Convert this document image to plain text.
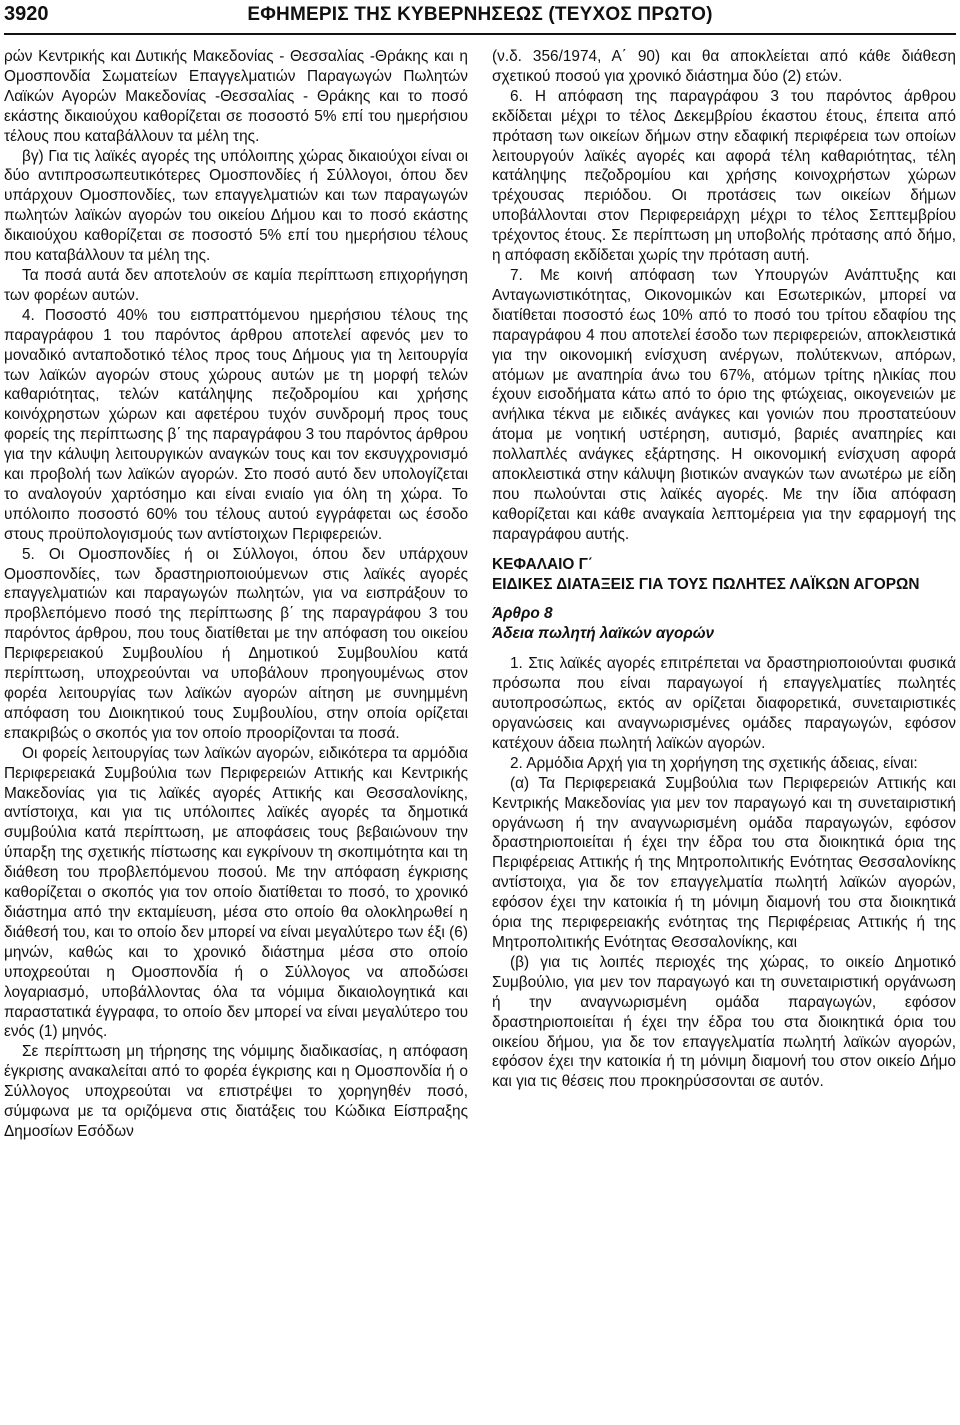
3920	ΕΦΗΜΕΡΙΣ ΤΗΣ ΚΥΒΕΡΝΗΣΕΩΣ (ΤΕΥΧΟΣ ΠΡΩΤΟ)

ρών Κεντρικής και Δυτικής Μακεδονίας - Θεσσαλίας -Θράκης και η Ομοσπονδία Σωματείων Επαγγελματιών Παραγωγών Πωλητών Λαϊκών Αγορών Μακεδονίας -Θεσσαλίας - Θράκης και το ποσό εκάστης δικαιούχου καθορίζεται σε ποσοστό 5% επί του ημερήσιου τέλους που καταβάλλουν τα μέλη της.

βγ) Για τις λαϊκές αγορές της υπόλοιπης χώρας δικαιούχοι είναι οι δύο αντιπροσωπευτικότερες Ομοσπονδίες ή Σύλλογοι, όπου δεν υπάρχουν Ομοσπονδίες, των επαγγελματιών και των παραγωγών πωλητών λαϊκών αγορών του οικείου Δήμου και το ποσό εκάστης δικαιούχου καθορίζεται σε ποσοστό 5% επί του ημερήσιου τέλους που καταβάλλουν τα μέλη της.

Τα ποσά αυτά δεν αποτελούν σε καμία περίπτωση επιχορήγηση των φορέων αυτών.

4. Ποσοστό 40% του εισπραττόμενου ημερήσιου τέλους της παραγράφου 1 του παρόντος άρθρου αποτελεί αφενός μεν το μοναδικό ανταποδοτικό τέλος προς τους Δήμους για τη λειτουργία των λαϊκών αγορών στους χώρους αυτών με τη μορφή τελών καθαριότητας, τελών κατάληψης πεζοδρομίου και χρήσης κοινόχρηστων χώρων και αφετέρου τυχόν συνδρομή προς τους φορείς της περίπτωσης β΄ της παραγράφου 3 του παρόντος άρθρου για την κάλυψη λειτουργικών αναγκών τους και τον εκσυγχρονισμό και προβολή των λαϊκών αγορών. Στο ποσό αυτό δεν υπολογίζεται το αναλογούν χαρτόσημο και είναι ενιαίο για όλη τη χώρα. Το υπόλοιπο ποσοστό 60% του τέλους αυτού εγγράφεται ως έσοδο στους προϋπολογισμούς των αντίστοιχων Περιφερειών.

5. Οι Ομοσπονδίες ή οι Σύλλογοι, όπου δεν υπάρχουν Ομοσπονδίες, των δραστηριοποιούμενων στις λαϊκές αγορές επαγγελματιών και παραγωγών πωλητών, για να εισπράξουν το προβλεπόμενο ποσό της περίπτωσης β΄ της παραγράφου 3 του παρόντος άρθρου, που τους διατίθεται με την απόφαση του οικείου Περιφερειακού Συμβουλίου ή Δημοτικού Συμβουλίου κατά περίπτωση, υποχρεούνται να υποβάλουν προηγουμένως στον φορέα λειτουργίας των λαϊκών αγορών αίτηση με συνημμένη απόφαση του Διοικητικού τους Συμβουλίου, στην οποία ορίζεται επακριβώς ο σκοπός για τον οποίο προορίζονται τα ποσά.

Οι φορείς λειτουργίας των λαϊκών αγορών, ειδικότερα τα αρμόδια Περιφερειακά Συμβούλια των Περιφερειών Αττικής και Κεντρικής Μακεδονίας για τις λαϊκές αγορές Αττικής και Θεσσαλονίκης, αντίστοιχα, και για τις υπόλοιπες λαϊκές αγορές τα δημοτικά συμβούλια κατά περίπτωση, με αποφάσεις τους βεβαιώνουν την ύπαρξη της σχετικής πίστωσης και εγκρίνουν τη σκοπιμότητα και τη διάθεση του προβλεπόμενου ποσού. Με την απόφαση έγκρισης καθορίζεται ο σκοπός για τον οποίο διατίθεται το ποσό, το χρονικό διάστημα από την εκταμίευση, μέσα στο οποίο θα ολοκληρωθεί η διάθεσή του, και το οποίο δεν μπορεί να είναι μεγαλύτερο των έξι (6) μηνών, καθώς και το χρονικό διάστημα μέσα στο οποίο υποχρεούται η Ομοσπονδία ή ο Σύλλογος να αποδώσει λογαριασμό, υποβάλλοντας όλα τα νόμιμα δικαιολογητικά και παραστατικά έγγραφα, το οποίο δεν μπορεί να είναι μεγαλύτερο του ενός (1) μηνός.

Σε περίπτωση μη τήρησης της νόμιμης διαδικασίας, η απόφαση έγκρισης ανακαλείται από το φορέα έγκρισης και η Ομοσπονδία ή ο Σύλλογος υποχρεούται να επιστρέψει το χορηγηθέν ποσό, σύμφωνα με τα οριζόμενα στις διατάξεις του Κώδικα Είσπραξης Δημοσίων Εσόδων

(ν.δ. 356/1974, Α΄ 90) και θα αποκλείεται από κάθε διάθεση σχετικού ποσού για χρονικό διάστημα δύο (2) ετών.

6. Η απόφαση της παραγράφου 3 του παρόντος άρθρου εκδίδεται μέχρι το τέλος Δεκεμβρίου έκαστου έτους, έπειτα από πρόταση των οικείων δήμων στην εδαφική περιφέρεια των οποίων λειτουργούν λαϊκές αγορές και αφορά τέλη καθαριότητας, τέλη κατάληψης πεζοδρομίου και χρήσης κοινοχρήστων χώρων τρέχουσας περιόδου. Οι προτάσεις των οικείων δήμων υποβάλλονται στον Περιφερειάρχη μέχρι το τέλος Σεπτεμβρίου τρέχοντος έτους. Σε περίπτωση μη υποβολής πρότασης από δήμο, η απόφαση εκδίδεται χωρίς την πρόταση αυτή.

7. Με κοινή απόφαση των Υπουργών Ανάπτυξης και Ανταγωνιστικότητας, Οικονομικών και Εσωτερικών, μπορεί να διατίθεται ποσοστό έως 10% από το ποσό του τρίτου εδαφίου της παραγράφου 4 που αποτελεί έσοδο των περιφερειών, αποκλειστικά για την οικονομική ενίσχυση ανέργων, πολύτεκνων, απόρων, ατόμων με αναπηρία άνω του 67%, ατόμων τρίτης ηλικίας που έχουν εισοδήματα κάτω από το όριο της φτώχειας, οικογενειών με ανήλικα τέκνα με ειδικές ανάγκες και γονιών που προστατεύουν άτομα με νοητική υστέρηση, αυτισμό, βαριές αναπηρίες και πολλαπλές ανάγκες εξάρτησης. Η οικονομική ενίσχυση αφορά αποκλειστικά στην κάλυψη βιοτικών αναγκών των ανωτέρω με είδη που πωλούνται στις λαϊκές αγορές. Με την ίδια απόφαση καθορίζεται και κάθε αναγκαία λεπτομέρεια για την εφαρμογή της παραγράφου αυτής.

ΚΕΦΑΛΑΙΟ Γ΄

ΕΙΔΙΚΕΣ ΔΙΑΤΑΞΕΙΣ ΓΙΑ ΤΟΥΣ ΠΩΛΗΤΕΣ ΛΑΪΚΩΝ ΑΓΟΡΩΝ

Άρθρο 8

Άδεια πωλητή λαϊκών αγορών

1. Στις λαϊκές αγορές επιτρέπεται να δραστηριοποιούνται φυσικά πρόσωπα που είναι παραγωγοί ή επαγγελματίες πωλητές αυτοπροσώπως, εκτός αν ορίζεται διαφορετικά, συνεταιριστικές οργανώσεις και αναγνωρισμένες ομάδες παραγωγών, εφόσον κατέχουν άδεια πωλητή λαϊκών αγορών.

2. Αρμόδια Αρχή για τη χορήγηση της σχετικής άδειας, είναι:

(α) Τα Περιφερειακά Συμβούλια των Περιφερειών Αττικής και Κεντρικής Μακεδονίας για μεν τον παραγωγό και τη συνεταιριστική οργάνωση ή την αναγνωρισμένη ομάδα παραγωγών, εφόσον δραστηριοποιείται ή έχει την έδρα του στα διοικητικά όρια της Περιφέρειας Αττικής ή της Μητροπολιτικής Ενότητας Θεσσαλονίκης αντίστοιχα, για δε τον επαγγελματία πωλητή λαϊκών αγορών, εφόσον έχει την κατοικία ή τη μόνιμη διαμονή του στα διοικητικά όρια της περιφερειακής ενότητας της Περιφέρειας Αττικής ή της Μητροπολιτικής Ενότητας Θεσσαλονίκης, και

(β) για τις λοιπές περιοχές της χώρας, το οικείο Δημοτικό Συμβούλιο, για μεν τον παραγωγό και τη συνεταιριστική οργάνωση ή την αναγνωρισμένη ομάδα παραγωγών, εφόσον δραστηριοποιείται ή έχει την έδρα του στα διοικητικά όρια του οικείου δήμου, για δε τον επαγγελματία πωλητή λαϊκών αγορών, εφόσον έχει την κατοικία ή τη μόνιμη διαμονή του στον οικείο Δήμο και για τις θέσεις που προκηρύσσονται σε αυτόν.
